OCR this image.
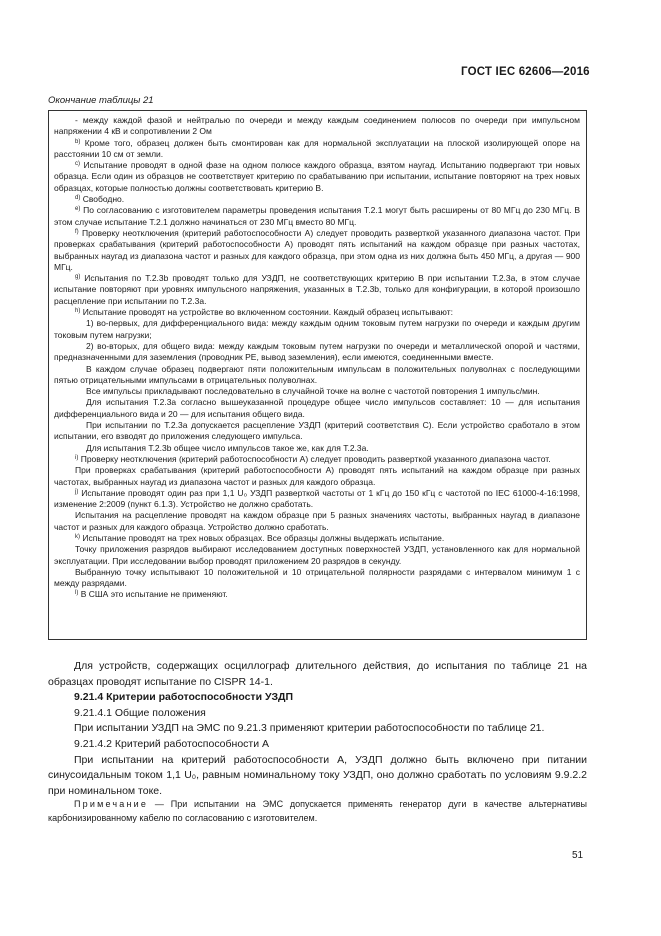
ГОСТ IEC 62606—2016
Окончание таблицы 21

- между каждой фазой и нейтралью по очереди и между каждым соединением полюсов по очереди при импульсном напряжении 4 кВ и сопротивлении 2 Ом

$^{b)}$ Кроме того, образец должен быть смонтирован как для нормальной эксплуатации на плоской изолирующей опоре на расстоянии 10 см от земли.

$^{c)}$ Испытание проводят в одной фазе на одном полюсе каждого образца, взятом наугад. Испытанию подвергают три новых образца. Если один из образцов не соответствует критерию по срабатыванию при испытании, испытание повторяют на трех новых образцах, которые полностью должны соответствовать критерию В.

$^{d)}$ Свободно.

$^{e)}$ По согласованию с изготовителем параметры проведения испытания Т.2.1 могут быть расширены от 80 МГц до 230 МГц. В этом случае испытание Т.2.1 должно начинаться от 230 МГц вместо 80 МГц.

$^{f)}$ Проверку неотключения (критерий работоспособности А) следует проводить разверткой указанного диапазона частот. При проверках срабатывания (критерий работоспособности А) проводят пять испытаний на каждом образце при разных частотах, выбранных наугад из диапазона частот и разных для каждого образца, при этом одна из них должна быть 450 МГц, а другая — 900 МГц.

$^{g)}$ Испытания по Т.2.3b проводят только для УЗДП, не соответствующих критерию В при испытании Т.2.3а, в этом случае испытание повторяют при уровнях импульсного напряжения, указанных в Т.2.3b, только для конфигурации, в которой произошло расцепление при испытании по Т.2.3а.

$^{h)}$ Испытание проводят на устройстве во включенном состоянии. Каждый образец испытывают:

1) во-первых, для дифференциального вида: между каждым одним токовым путем нагрузки по очереди и каждым другим токовым путем нагрузки;

2) во-вторых, для общего вида: между каждым токовым путем нагрузки по очереди и металлической опорой и частями, предназначенными для заземления (проводник РЕ, вывод заземления), если имеются, соединенными вместе.

В каждом случае образец подвергают пяти положительным импульсам в положительных полуволнах с последующими пятью отрицательными импульсами в отрицательных полуволнах.

Все импульсы прикладывают последовательно в случайной точке на волне с частотой повторения 1 импульс/мин.

Для испытания Т.2.3а согласно вышеуказанной процедуре общее число импульсов составляет: 10 — для испытания дифференциального вида и 20 — для испытания общего вида.

При испытании по Т.2.3а допускается расцепление УЗДП (критерий соответствия С). Если устройство сработало в этом испытании, его взводят до приложения следующего импульса.

Для испытания Т.2.3b общее число импульсов такое же, как для Т.2.3а.

$^{i)}$ Проверку неотключения (критерий работоспособности А) следует проводить разверткой указанного диапазона частот.

При проверках срабатывания (критерий работоспособности А) проводят пять испытаний на каждом образце при разных частотах, выбранных наугад из диапазона частот и разных для каждого образца.

$^{j)}$ Испытание проводят один раз при 1,1 U₀ УЗДП разверткой частоты от 1 кГц до 150 кГц с частотой по IEC 61000-4-16:1998, изменение 2:2009 (пункт 6.1.3). Устройство не должно сработать.

Испытания на расцепление проводят на каждом образце при 5 разных значениях частоты, выбранных наугад в диапазоне частот и разных для каждого образца. Устройство должно сработать.

$^{k)}$ Испытание проводят на трех новых образцах. Все образцы должны выдержать испытание.

Точку приложения разрядов выбирают исследованием доступных поверхностей УЗДП, установленного как для нормальной эксплуатации. При исследовании выбор проводят приложением 20 разрядов в секунду.

Выбранную точку испытывают 10 положительной и 10 отрицательной полярности разрядами с интервалом минимум 1 с между разрядами.

$^{l)}$ В США это испытание не применяют.

Для устройств, содержащих осциллограф длительного действия, до испытания по таблице 21 на образцах проводят испытание по CISPR 14-1.

9.21.4 Критерии работоспособности УЗДП

9.21.4.1 Общие положения

При испытании УЗДП на ЭМС по 9.21.3 применяют критерии работоспособности по таблице 21.

9.21.4.2 Критерий работоспособности А

При испытании на критерий работоспособности А, УЗДП должно быть включено при питании синусоидальным током 1,1 U₀, равным номинальному току УЗДП, оно должно сработать по условиям 9.9.2.2 при номинальном токе.

Примечание — При испытании на ЭМС допускается применять генератор дуги в качестве альтернативы карбонизированному кабелю по согласованию с изготовителем.

51
